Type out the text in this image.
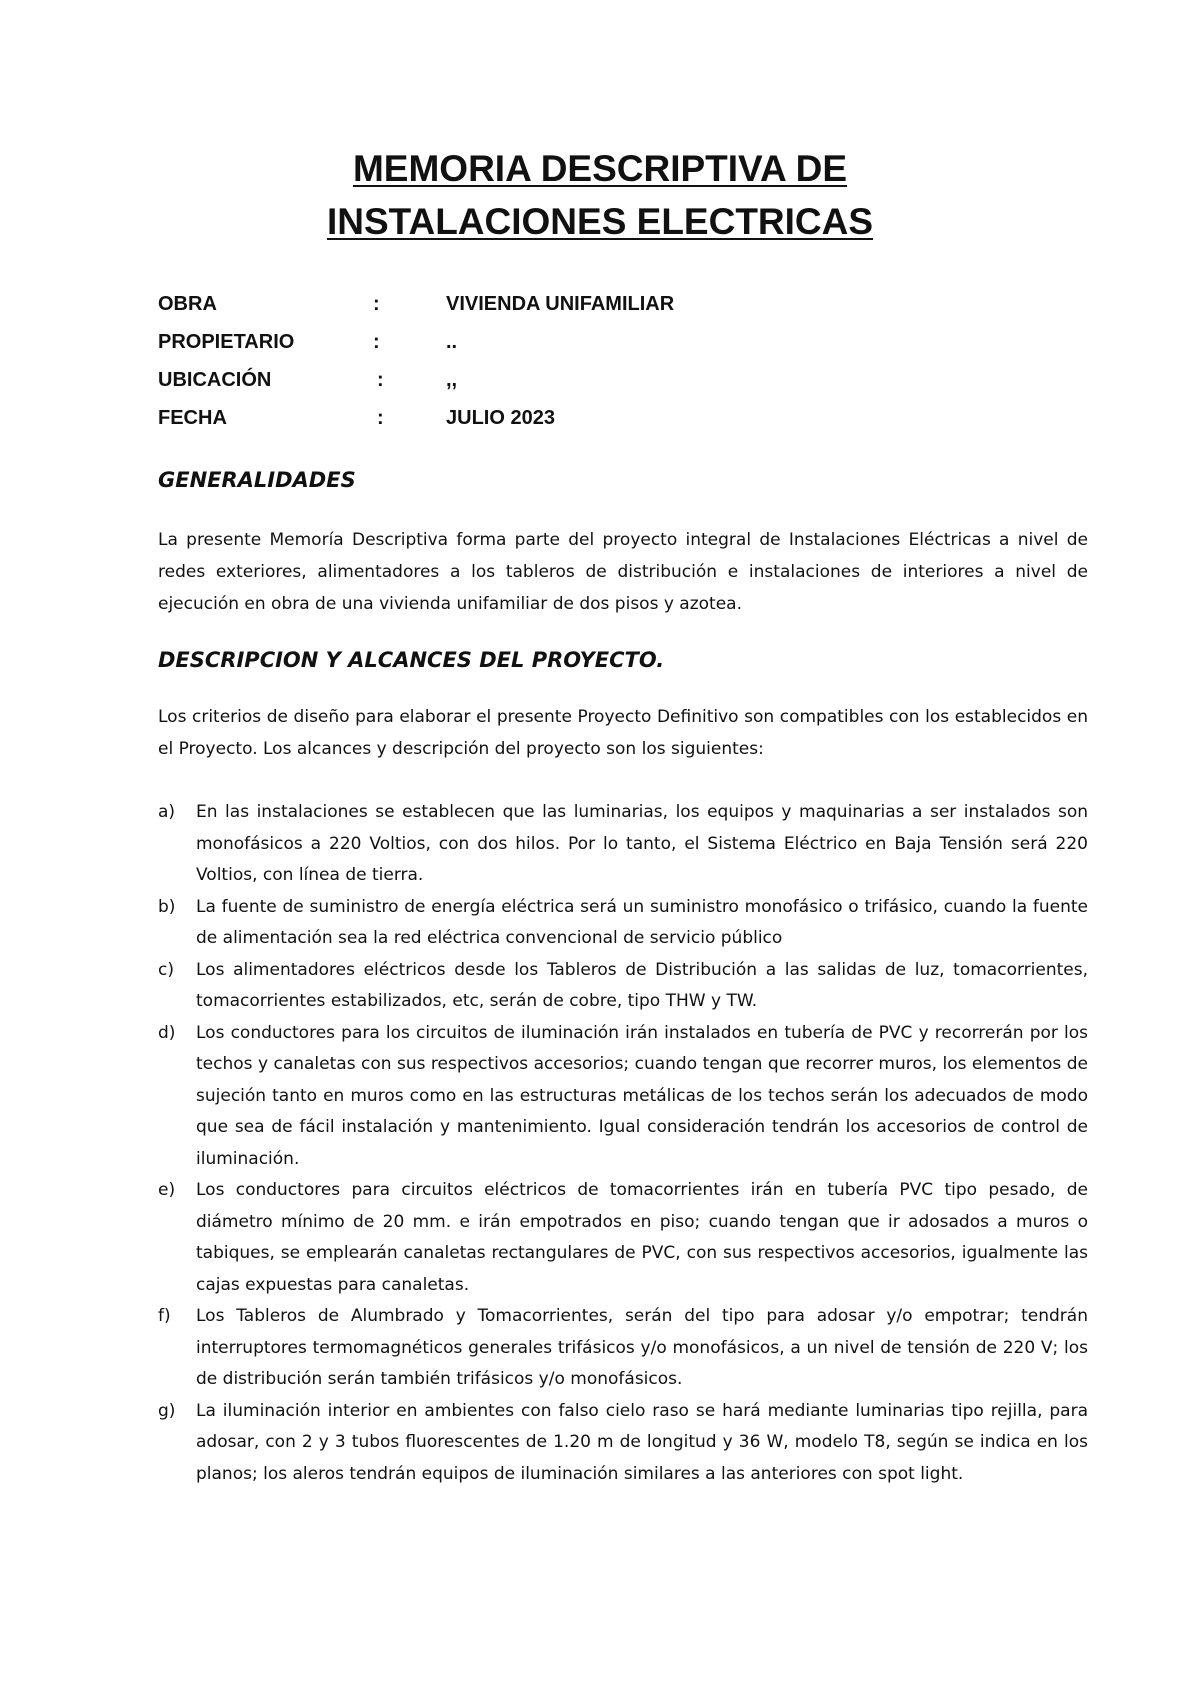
MEMORIA DESCRIPTIVA DE
INSTALACIONES ELECTRICAS
OBRA	:	VIVIENDA UNIFAMILIAR
PROPIETARIO	:	..
UBICACIÓN	:	,,
FECHA	:	JULIO 2023
GENERALIDADES

La presente Memoría Descriptiva forma parte del proyecto integral de Instalaciones Eléctricas a nivel de redes exteriores, alimentadores a los tableros de distribución e instalaciones de interiores a nivel de ejecución en obra de una vivienda unifamiliar de dos pisos y azotea.

DESCRIPCION Y ALCANCES DEL PROYECTO.

Los criterios de diseño para elaborar el presente Proyecto Definitivo son compatibles con los establecidos en el Proyecto. Los alcances y descripción del proyecto son los siguientes:

a) En las instalaciones se establecen que las luminarias, los equipos y maquinarias a ser instalados son monofásicos a 220 Voltios, con dos hilos. Por lo tanto, el Sistema Eléctrico en Baja Tensión será 220 Voltios, con línea de tierra.

b) La fuente de suministro de energía eléctrica será un suministro monofásico o trifásico, cuando la fuente de alimentación sea la red eléctrica convencional de servicio público

c) Los alimentadores eléctricos desde los Tableros de Distribución a las salidas de luz, tomacorrientes, tomacorrientes estabilizados, etc, serán de cobre, tipo THW y TW.

d) Los conductores para los circuitos de iluminación irán instalados en tubería de PVC y recorrerán por los techos y canaletas con sus respectivos accesorios; cuando tengan que recorrer muros, los elementos de sujeción tanto en muros como en las estructuras metálicas de los techos serán los adecuados de modo que sea de fácil instalación y mantenimiento. Igual consideración tendrán los accesorios de control de iluminación.

e) Los conductores para circuitos eléctricos de tomacorrientes irán en tubería PVC tipo pesado, de diámetro mínimo de 20 mm. e irán empotrados en piso; cuando tengan que ir adosados a muros o tabiques, se emplearán canaletas rectangulares de PVC, con sus respectivos accesorios, igualmente las cajas expuestas para canaletas.

f) Los Tableros de Alumbrado y Tomacorrientes, serán del tipo para adosar y/o empotrar; tendrán interruptores termomagnéticos generales trifásicos y/o monofásicos, a un nivel de tensión de 220 V; los de distribución serán también trifásicos y/o monofásicos.

g) La iluminación interior en ambientes con falso cielo raso se hará mediante luminarias tipo rejilla, para adosar, con 2 y 3 tubos fluorescentes de 1.20 m de longitud y 36 W, modelo T8, según se indica en los planos; los aleros tendrán equipos de iluminación similares a las anteriores con spot light.
